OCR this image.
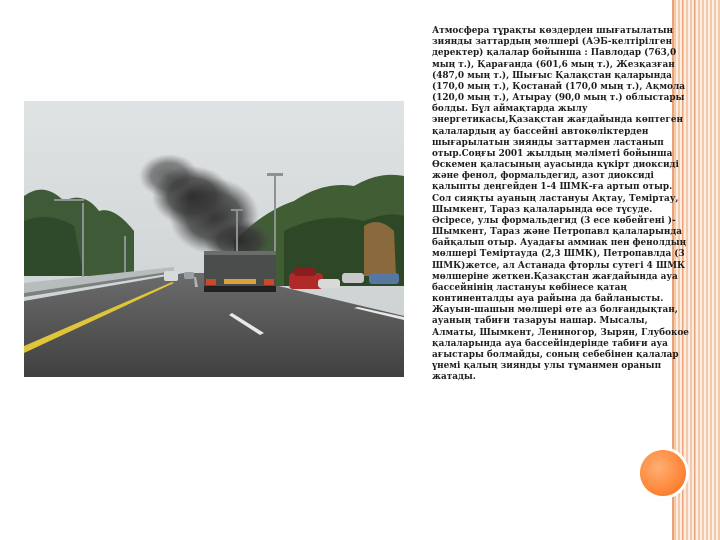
Атмосфера тұрақты көздерден шығатылатын зиянды заттардың мөлшері (АЭБ-келтірілген деректер) қалалар бойынша : Павлодар (763,0 мың т.), Қарағанда (601,6 мың т.), Жезқазған (487,0 мың т.), Шығыс Қалақстан қаларында (170,0 мың т.), Қостанай (170,0 мың т.), Ақмола (120,0 мың т.), Атырау (90,0 мың т.) облыстары болды. Бұл аймақтарда жылу энергетикасы,Қазақстан жағдайында көптеген қалалардың ау бассейні автокөліктерден шығарылатын зиянды заттармен ластанып отыр.Соңғы 2001 жылдың мәліметі бойынша Өскемен қаласының ауасында күкірт диоксиді және фенол, формальдегид, азот диоксиді қалыпты деңгейден 1-4 ШМК-ға артып отыр. Сол сияқты ауаның ластануы Ақтау, Теміртау, Шымкент, Тараз қалаларында өсе түсуде. Әсіресе, улы формальдегид (3 есе көбейгені )-Шымкент, Тараз және Петропавл қалаларында байқалып отыр. Ауадағы аммиак пен фенолдың мөлшері Теміртауда (2,3 ШМК), Петропавлда (3 ШМК)жетсе, ал Астанада фторлы сутегі 4 ШМК мөлшеріне жеткен.Қазақстан жағдайында ауа бассейнінің ластануы көбінесе қатаң континенталды ауа райына да байланысты. Жауын-шашын мөлшері өте аз болғандықтан, ауаның табиғи тазаруы нашар. Мысалы, Алматы, Шымкент, Лениногор, Зырян, Глубокое қалаларында ауа бассейіндерінде табиғи ауа ағыстары болмайды, соның себебінен қалалар үнемі қалың зиянды улы тұманмен оранып жатады.
